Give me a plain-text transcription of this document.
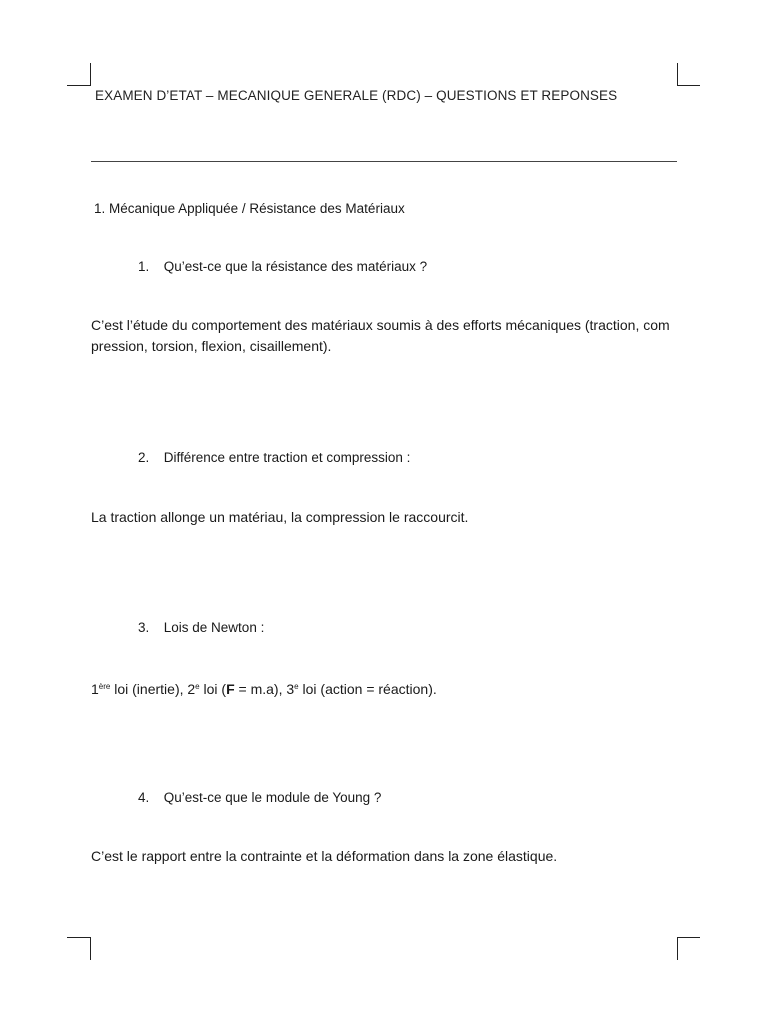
EXAMEN D’ETAT – MECANIQUE GENERALE (RDC) – QUESTIONS ET REPONSES
1. Mécanique Appliquée / Résistance des Matériaux
1. Qu’est-ce que la résistance des matériaux ?
C’est l’étude du comportement des matériaux soumis à des efforts mécaniques (traction, compression, torsion, flexion, cisaillement).
2. Différence entre traction et compression :
La traction allonge un matériau, la compression le raccourcit.
3. Lois de Newton :
1ère loi (inertie), 2e loi (F = m.a), 3e loi (action = réaction).
4. Qu’est-ce que le module de Young ?
C’est le rapport entre la contrainte et la déformation dans la zone élastique.
